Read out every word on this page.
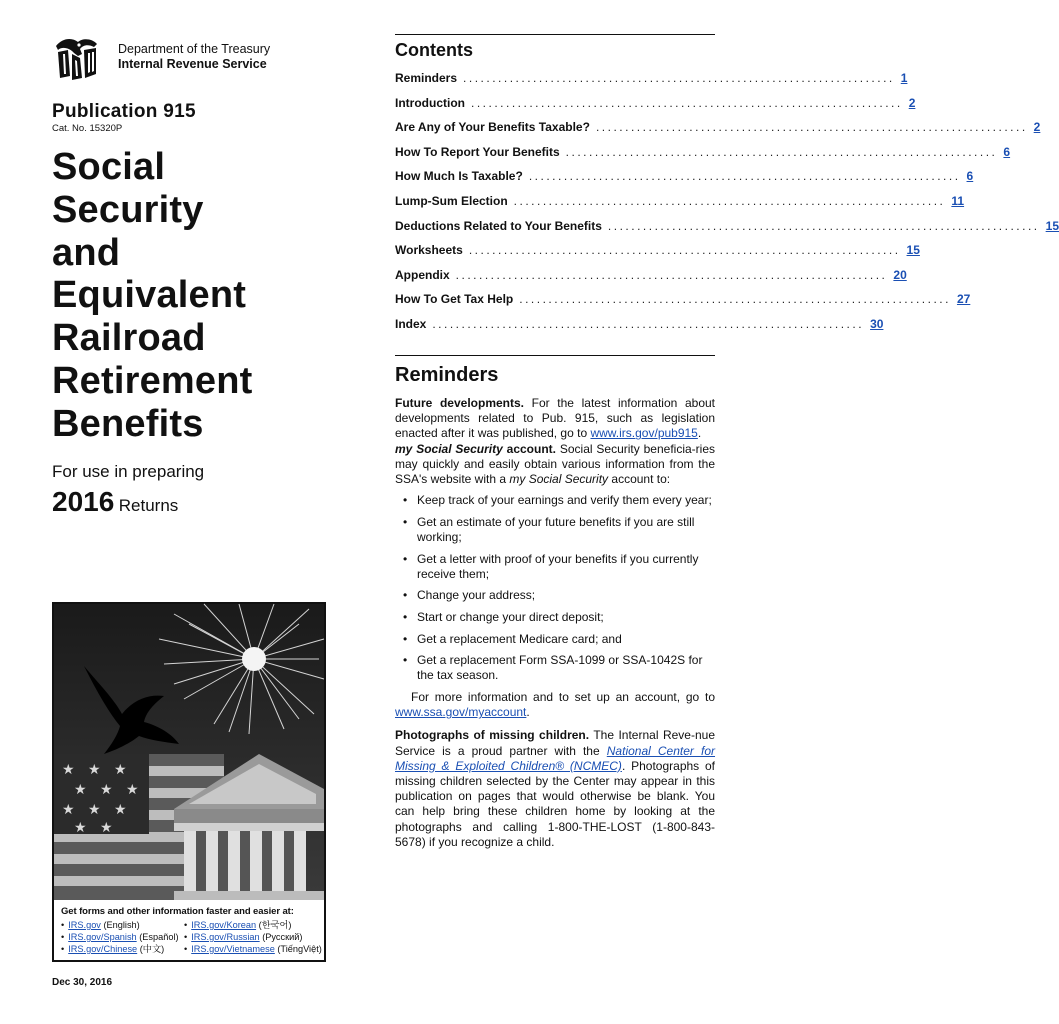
Department of the Treasury
Internal Revenue Service
Publication 915
Cat. No. 15320P
Social
Security
and
Equivalent
Railroad
Retirement
Benefits
For use in preparing
2016 Returns
★ ★ ★
★ ★ ★
★ ★ ★
★ ★
Get forms and other information faster and easier at:
• IRS.gov (English)
• IRS.gov/Spanish (Español)
• IRS.gov/Chinese (中文)
• IRS.gov/Korean (한국어)
• IRS.gov/Russian (Pусский)
• IRS.gov/Vietnamese (TiếngViệt)
Dec 30, 2016
Contents
Reminders .......................................................................... 1
Introduction .......................................................................... 2
Are Any of Your Benefits Taxable? .......................................................................... 2
How To Report Your Benefits .......................................................................... 6
How Much Is Taxable? .......................................................................... 6
Lump-Sum Election .......................................................................... 11
Deductions Related to Your Benefits .......................................................................... 15
Worksheets .......................................................................... 15
Appendix .......................................................................... 20
How To Get Tax Help .......................................................................... 27
Index .......................................................................... 30
Reminders

Future developments. For the latest information about developments related to Pub. 915, such as legislation enacted after it was published, go to www.irs.gov/pub915.

my Social Security account. Social Security beneficia-ries may quickly and easily obtain various information from the SSA's website with a my Social Security account to:

• Keep track of your earnings and verify them every year;
• Get an estimate of your future benefits if you are still working;
• Get a letter with proof of your benefits if you currently receive them;
• Change your address;
• Start or change your direct deposit;
• Get a replacement Medicare card; and
• Get a replacement Form SSA-1099 or SSA-1042S for the tax season.

For more information and to set up an account, go to www.ssa.gov/myaccount.

Photographs of missing children. The Internal Reve-nue Service is a proud partner with the National Center for Missing & Exploited Children® (NCMEC). Photographs of missing children selected by the Center may appear in this publication on pages that would otherwise be blank. You can help bring these children home by looking at the photographs and calling 1-800-THE-LOST (1-800-843-5678) if you recognize a child.
